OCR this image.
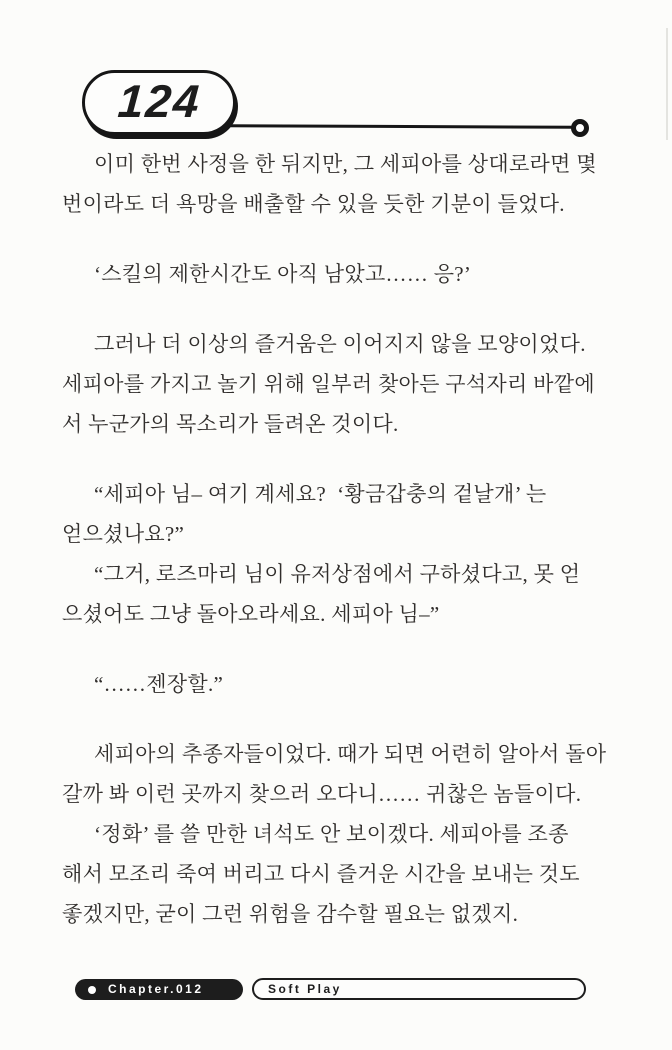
124
이미 한번 사정을 한 뒤지만, 그 세피아를 상대로라면 몇
번이라도 더 욕망을 배출할 수 있을 듯한 기분이 들었다.
‘스킬의 제한시간도 아직 남았고…… 응?’
그러나 더 이상의 즐거움은 이어지지 않을 모양이었다.
세피아를 가지고 놀기 위해 일부러 찾아든 구석자리 바깥에
서 누군가의 목소리가 들려온 것이다.
“세피아 님– 여기 계세요?  ‘황금갑충의 겉날개’ 는
얻으셨나요?”
“그거, 로즈마리 님이 유저상점에서 구하셨다고, 못 얻
으셨어도 그냥 돌아오라세요. 세피아 님–”
“……젠장할.”
세피아의 추종자들이었다. 때가 되면 어련히 알아서 돌아
갈까 봐 이런 곳까지 찾으러 오다니…… 귀찮은 놈들이다.
‘정화’ 를 쓸 만한 녀석도 안 보이겠다. 세피아를 조종
해서 모조리 죽여 버리고 다시 즐거운 시간을 보내는 것도
좋겠지만, 굳이 그런 위험을 감수할 필요는 없겠지.
Chapter.012	Soft Play
